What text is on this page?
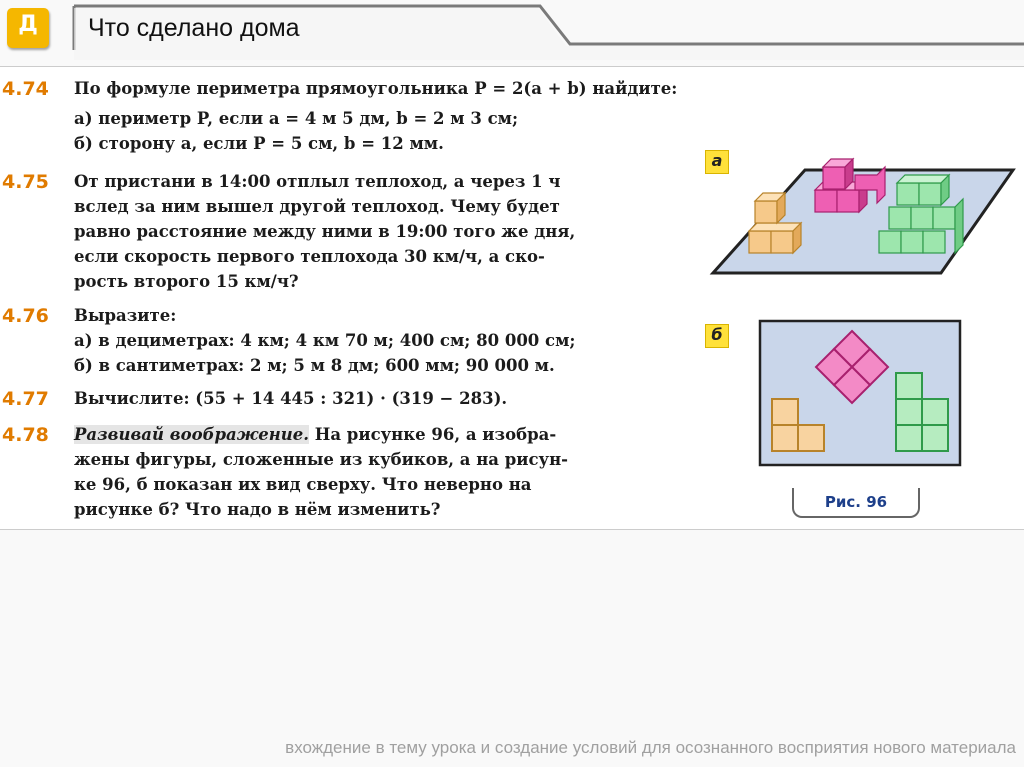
Д	Что сделано дома
4.74 По формуле периметра прямоугольника P = 2(a + b) найдите:
а) периметр P, если a = 4 м 5 дм, b = 2 м 3 см;
б) сторону a, если P = 5 см, b = 12 мм.
4.75 От пристани в 14:00 отплыл теплоход, а через 1 ч
вслед за ним вышел другой теплоход. Чему будет
равно расстояние между ними в 19:00 того же дня,
если скорость первого теплохода 30 км/ч, а ско-
рость второго 15 км/ч?
4.76 Выразите:
а) в дециметрах: 4 км; 4 км 70 м; 400 см; 80 000 см;
б) в сантиметрах: 2 м; 5 м 8 дм; 600 мм; 90 000 м.
4.77 Вычислите: (55 + 14 445 : 321) · (319 − 283).
4.78 Развивай воображение. На рисунке 96, а изобра-
жены фигуры, сложенные из кубиков, а на рисун-
ке 96, б показан их вид сверху. Что неверно на
рисунке б? Что надо в нём изменить?
а
б
Рис. 96
вхождение в тему урока и создание условий для осознанного восприятия нового материала
